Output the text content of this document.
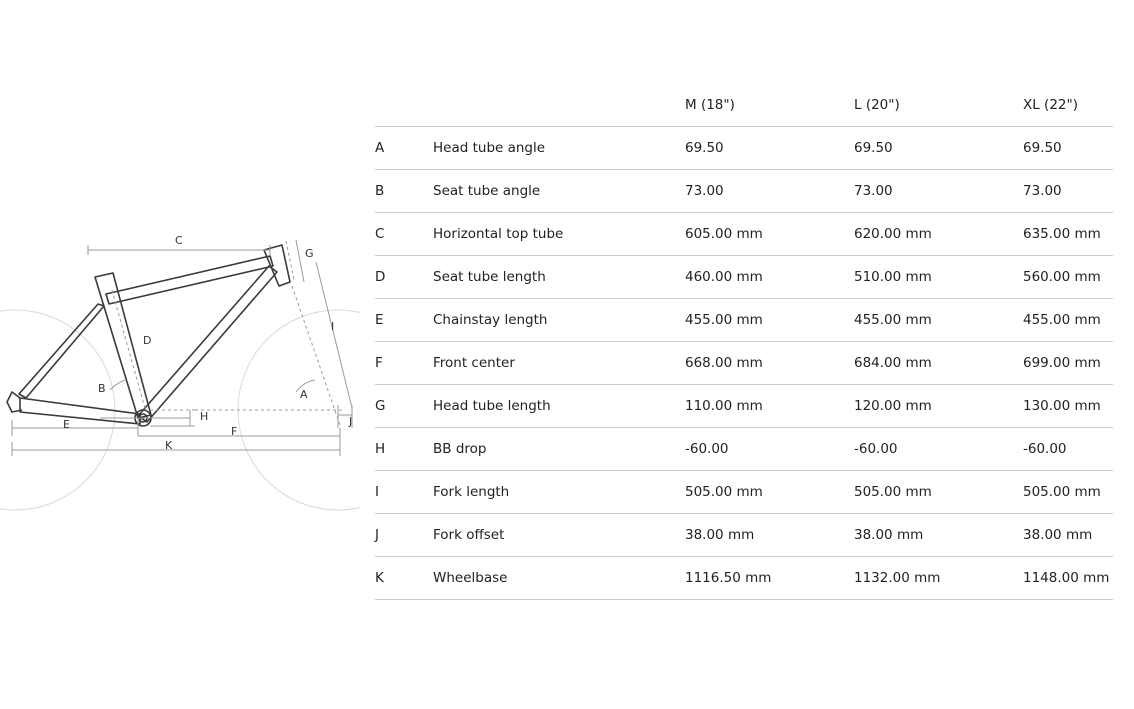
C
G
I
D
B	A
H	J
E
F
K
		M (18")	L (20")	XL (22")
A	Head tube angle	69.50	69.50	69.50
B	Seat tube angle	73.00	73.00	73.00
C	Horizontal top tube	605.00 mm	620.00 mm	635.00 mm
D	Seat tube length	460.00 mm	510.00 mm	560.00 mm
E	Chainstay length	455.00 mm	455.00 mm	455.00 mm
F	Front center	668.00 mm	684.00 mm	699.00 mm
G	Head tube length	110.00 mm	120.00 mm	130.00 mm
H	BB drop	-60.00	-60.00	-60.00
I	Fork length	505.00 mm	505.00 mm	505.00 mm
J	Fork offset	38.00 mm	38.00 mm	38.00 mm
K	Wheelbase	1116.50 mm	1132.00 mm	1148.00 mm
